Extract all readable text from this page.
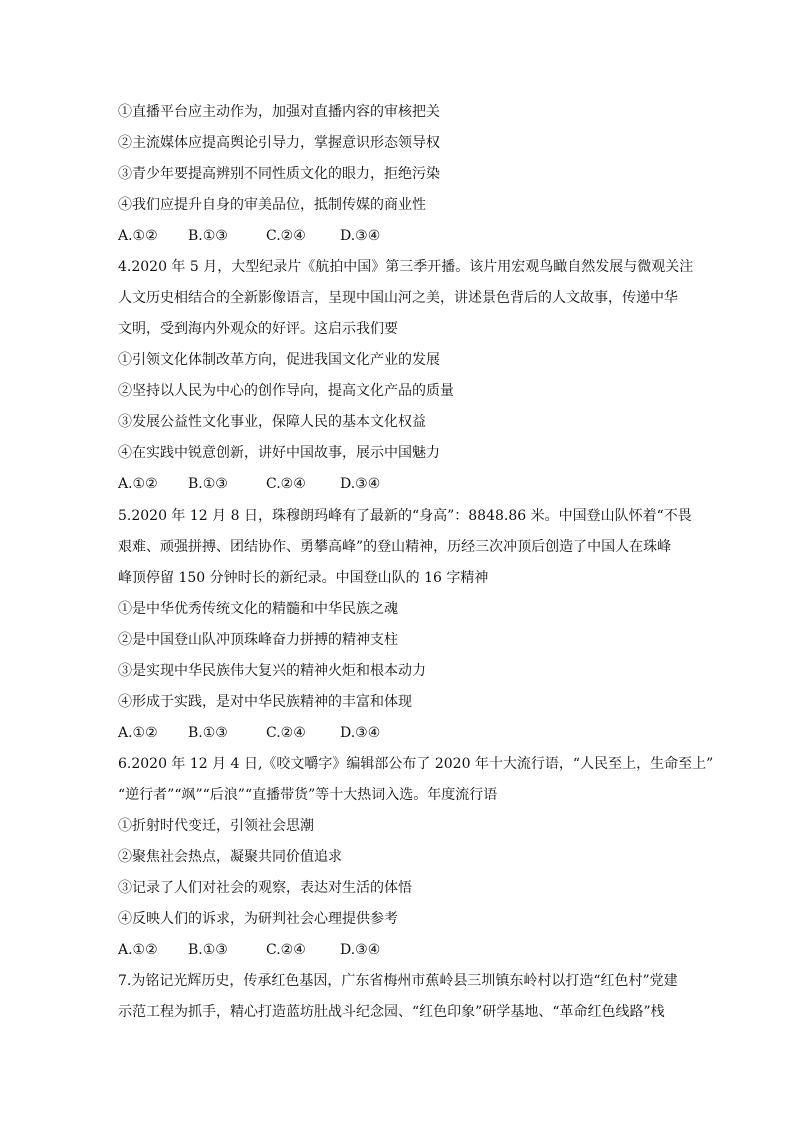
①直播平台应主动作为，加强对直播内容的审核把关
②主流媒体应提高舆论引导力，掌握意识形态领导权
③青少年要提高辨别不同性质文化的眼力，拒绝污染
④我们应提升自身的审美品位，抵制传媒的商业性
A.①② B.①③	C.②④ D.③④
4.2020 年 5 月，大型纪录片《航拍中国》第三季开播。该片用宏观鸟瞰自然发展与微观关注
人文历史相结合的全新影像语言，呈现中国山河之美，讲述景色背后的人文故事，传递中华
文明，受到海内外观众的好评。这启示我们要
①引领文化体制改革方向，促进我国文化产业的发展
②坚持以人民为中心的创作导向，提高文化产品的质量
③发展公益性文化事业，保障人民的基本文化权益
④在实践中锐意创新，讲好中国故事，展示中国魅力
A.①② B.①③	C.②④ D.③④
5.2020 年 12 月 8 日，珠穆朗玛峰有了最新的“身高”：8848.86 米。中国登山队怀着“不畏
艰难、顽强拼搏、团结协作、勇攀高峰”的登山精神，历经三次冲顶后创造了中国人在珠峰
峰顶停留 150 分钟时长的新纪录。中国登山队的 16 字精神
①是中华优秀传统文化的精髓和中华民族之魂
②是中国登山队冲顶珠峰奋力拼搏的精神支柱
③是实现中华民族伟大复兴的精神火炬和根本动力
④形成于实践，是对中华民族精神的丰富和体现
A.①② B.①③	C.②④ D.③④
6.2020 年 12 月 4 日,《咬文嚼字》编辑部公布了 2020 年十大流行语，“人民至上，生命至上”
“逆行者”“飒”“后浪”“直播带货”等十大热词入选。年度流行语
①折射时代变迁，引领社会思潮
②聚焦社会热点，凝聚共同价值追求
③记录了人们对社会的观察，表达对生活的体悟
④反映人们的诉求，为研判社会心理提供参考
A.①② B.①③	C.②④ D.③④
7.为铭记光辉历史，传承红色基因，广东省梅州市蕉岭县三圳镇东岭村以打造“红色村”党建
示范工程为抓手，精心打造蓝坊肚战斗纪念园、“红色印象”研学基地、“革命红色线路”栈
